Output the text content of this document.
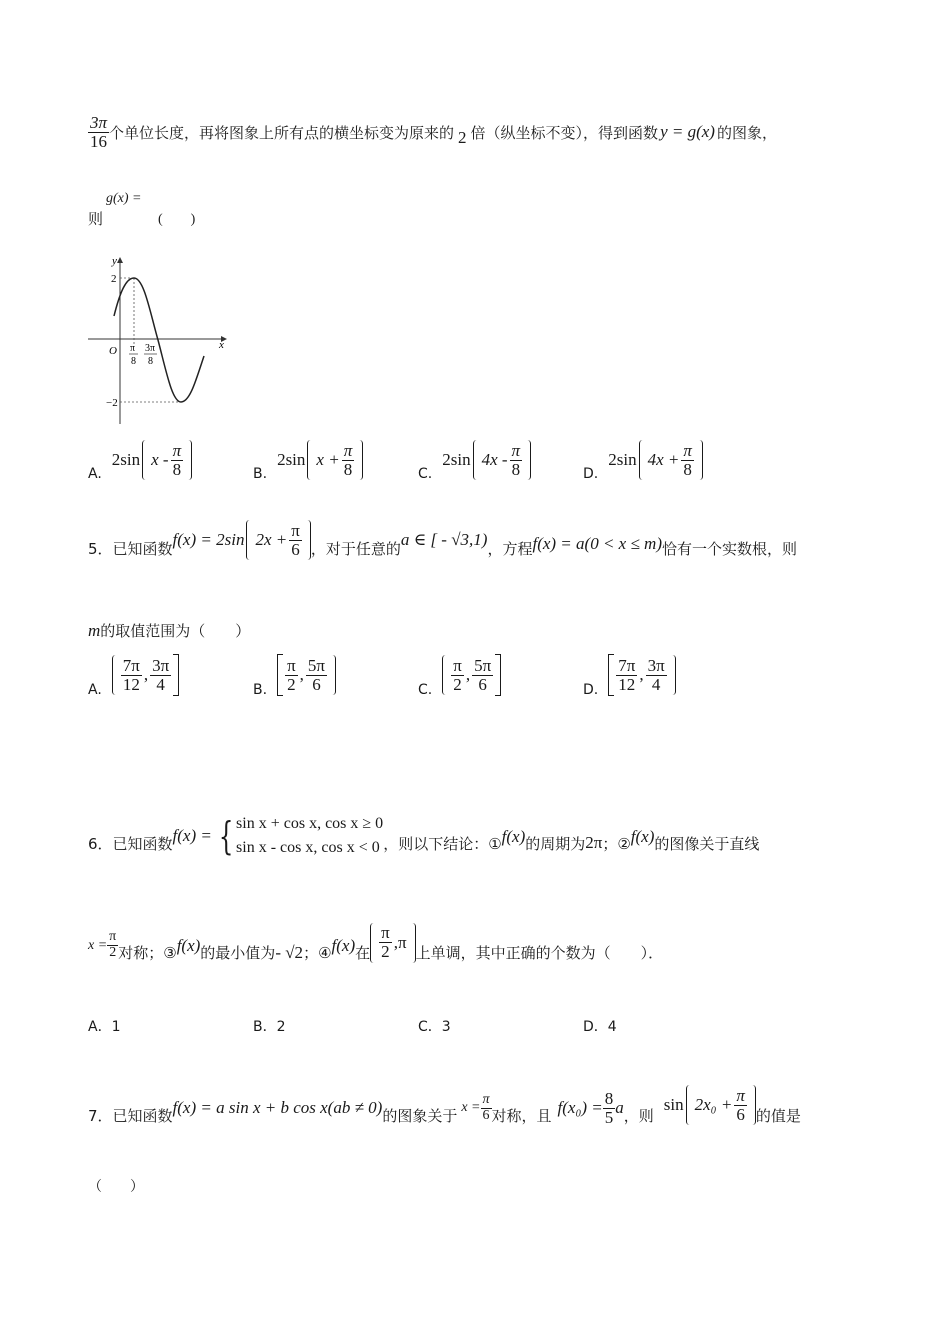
$\frac{3\pi}{16}$ 个单位长度，再将图象上所有点的横坐标变为原来的 2 倍（纵坐标不变），得到函数 y = g(x) 的图象，
则
g(x) =
(　　)
y
x
O
2
−2
π
8
3π
8
A.
2sin x - $\frac{\pi}{8}$	B.
2sin $x + \frac{\pi}{8}$	C.
2sin $4x - \frac{\pi}{8}$	D.
2sin $4x + \frac{\pi}{8}$
5．已知函数 f(x) = 2sin $2x + \frac{\pi}{6}$ ，对于任意的 a ∈ [ - √3,1) ，方程 f(x) = a(0 < x ≤ m) 恰有一个实数根，则
m的取值范围为（　　）
A. $\frac{7\pi}{12}$ , $\frac{3\pi}{4}$	B. $\frac{\pi}{2}$ , $\frac{5\pi}{6}$	C. $\frac{\pi}{2}$ , $\frac{5\pi}{6}$	D. $\frac{7\pi}{12}$ , $\frac{3\pi}{4}$
6．已知函数 f(x) = { sin x + cos x, cos x ≥ 0
sin x - cos x, cos x < 0 ，则以下结论：① f(x) 的周期为 2π ；② f(x) 的图像关于直线
$x = \frac{\pi}{2}$ 对称；③ f(x) 的最小值为 - √2 ；④ f(x) 在 $\frac{\pi}{2} ,\pi$
上单调，其中正确的个数为（　　）．
A．1	B．2	C．3	D．4
7．已知函数 f(x) = a sin x + b cos x(ab ≠ 0) 的图象关于 $x = \frac{\pi}{6}$ 对称，且 $f(x_0) = \frac{8}{5}$ a ，则
$\sin 2x_0 + \frac{\pi}{6}$ 的值是
（　　）
